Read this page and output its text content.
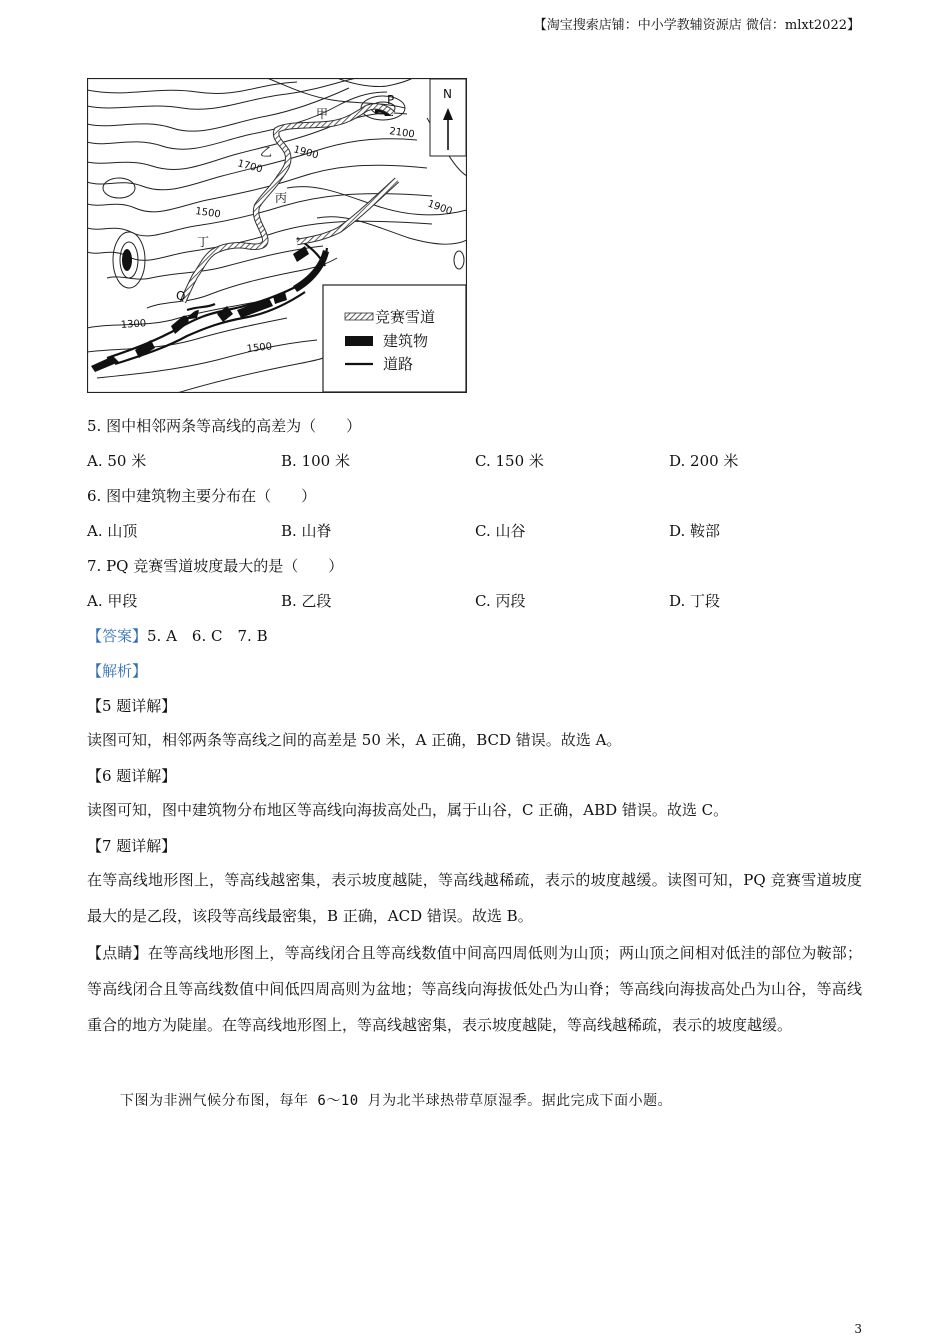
【淘宝搜索店铺：中小学教辅资源店 微信：mlxt2022】
P
Q
甲
乙
丙
丁
2100
1900
1700
1500	1900
1300
1500
N
竞赛雪道
建筑物
道路
5. 图中相邻两条等高线的高差为（　　）
A. 50 米	B. 100 米	C. 150 米	D. 200 米
6. 图中建筑物主要分布在（　　）
A. 山顶	B. 山脊	C. 山谷	D. 鞍部
7. PQ 竞赛雪道坡度最大的是（　　）
A. 甲段	B. 乙段	C. 丙段	D. 丁段
【答案】5. A　6. C　7. B
【解析】
【5 题详解】
读图可知，相邻两条等高线之间的高差是 50 米，A 正确，BCD 错误。故选 A。
【6 题详解】
读图可知，图中建筑物分布地区等高线向海拔高处凸，属于山谷，C 正确，ABD 错误。故选 C。
【7 题详解】
在等高线地形图上，等高线越密集，表示坡度越陡，等高线越稀疏，表示的坡度越缓。读图可知，PQ 竞赛雪道坡度最大的是乙段，该段等高线最密集，B 正确，ACD 错误。故选 B。
【点睛】在等高线地形图上，等高线闭合且等高线数值中间高四周低则为山顶；两山顶之间相对低洼的部位为鞍部；等高线闭合且等高线数值中间低四周高则为盆地；等高线向海拔低处凸为山脊；等高线向海拔高处凸为山谷，等高线重合的地方为陡崖。在等高线地形图上，等高线越密集，表示坡度越陡，等高线越稀疏，表示的坡度越缓。
下图为非洲气候分布图，每年 6～10 月为北半球热带草原湿季。据此完成下面小题。
3
